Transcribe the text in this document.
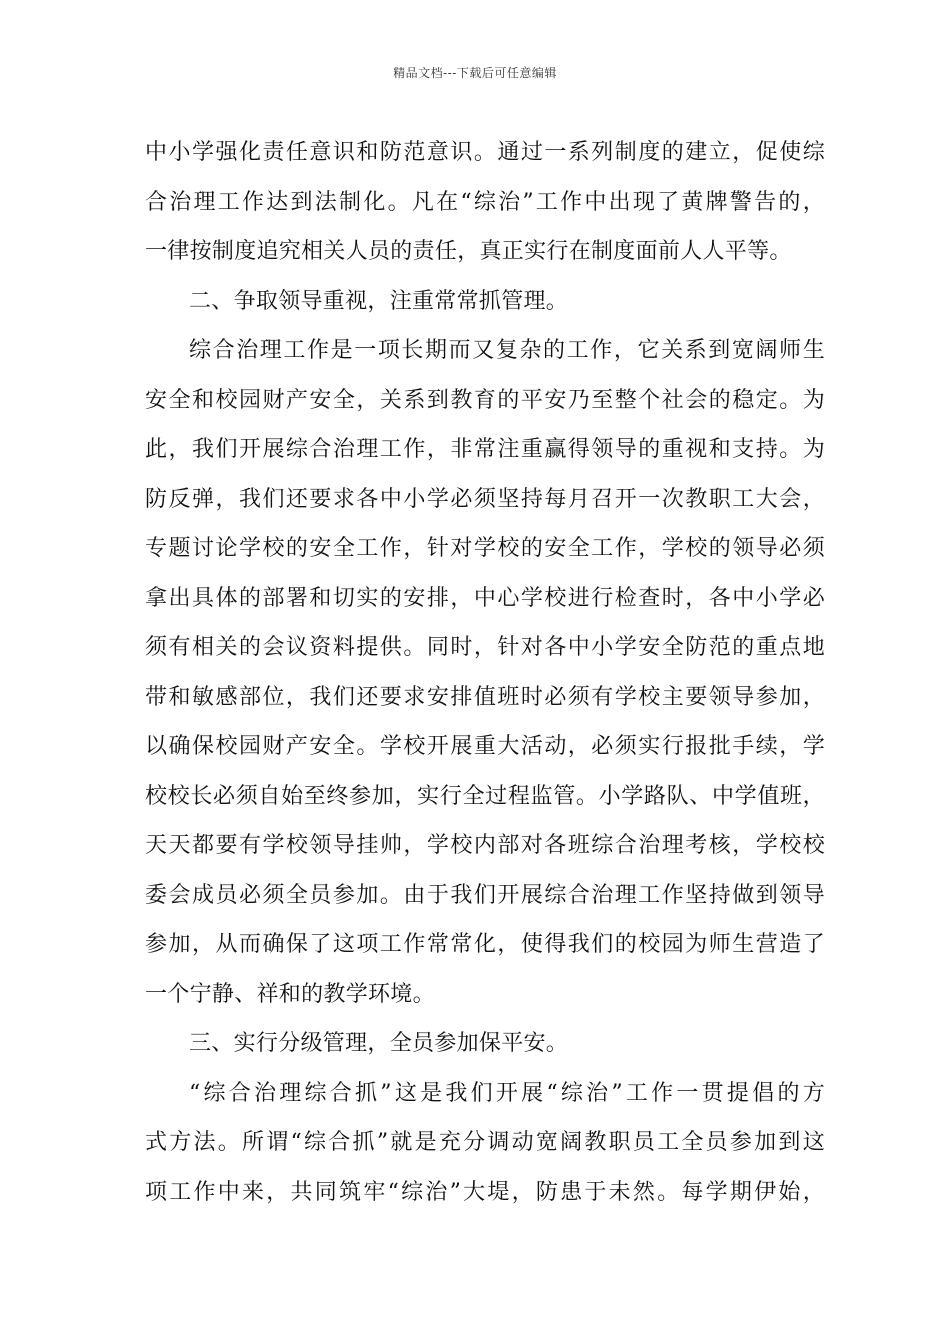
精品文档---下载后可任意编辑
中小学强化责任意识和防范意识。通过一系列制度的建立，促使综
合治理工作达到法制化。凡在“综治”工作中出现了黄牌警告的，
一律按制度追究相关人员的责任，真正实行在制度面前人人平等。
二、争取领导重视，注重常常抓管理。
综合治理工作是一项长期而又复杂的工作，它关系到宽阔师生
安全和校园财产安全，关系到教育的平安乃至整个社会的稳定。为
此，我们开展综合治理工作，非常注重赢得领导的重视和支持。为
防反弹，我们还要求各中小学必须坚持每月召开一次教职工大会，
专题讨论学校的安全工作，针对学校的安全工作，学校的领导必须
拿出具体的部署和切实的安排，中心学校进行检查时，各中小学必
须有相关的会议资料提供。同时，针对各中小学安全防范的重点地
带和敏感部位，我们还要求安排值班时必须有学校主要领导参加，
以确保校园财产安全。学校开展重大活动，必须实行报批手续，学
校校长必须自始至终参加，实行全过程监管。小学路队、中学值班，
天天都要有学校领导挂帅，学校内部对各班综合治理考核，学校校
委会成员必须全员参加。由于我们开展综合治理工作坚持做到领导
参加，从而确保了这项工作常常化，使得我们的校园为师生营造了
一个宁静、祥和的教学环境。
三、实行分级管理，全员参加保平安。
“综合治理综合抓”这是我们开展“综治”工作一贯提倡的方
式方法。所谓“综合抓”就是充分调动宽阔教职员工全员参加到这
项工作中来，共同筑牢“综治”大堤，防患于未然。每学期伊始，
